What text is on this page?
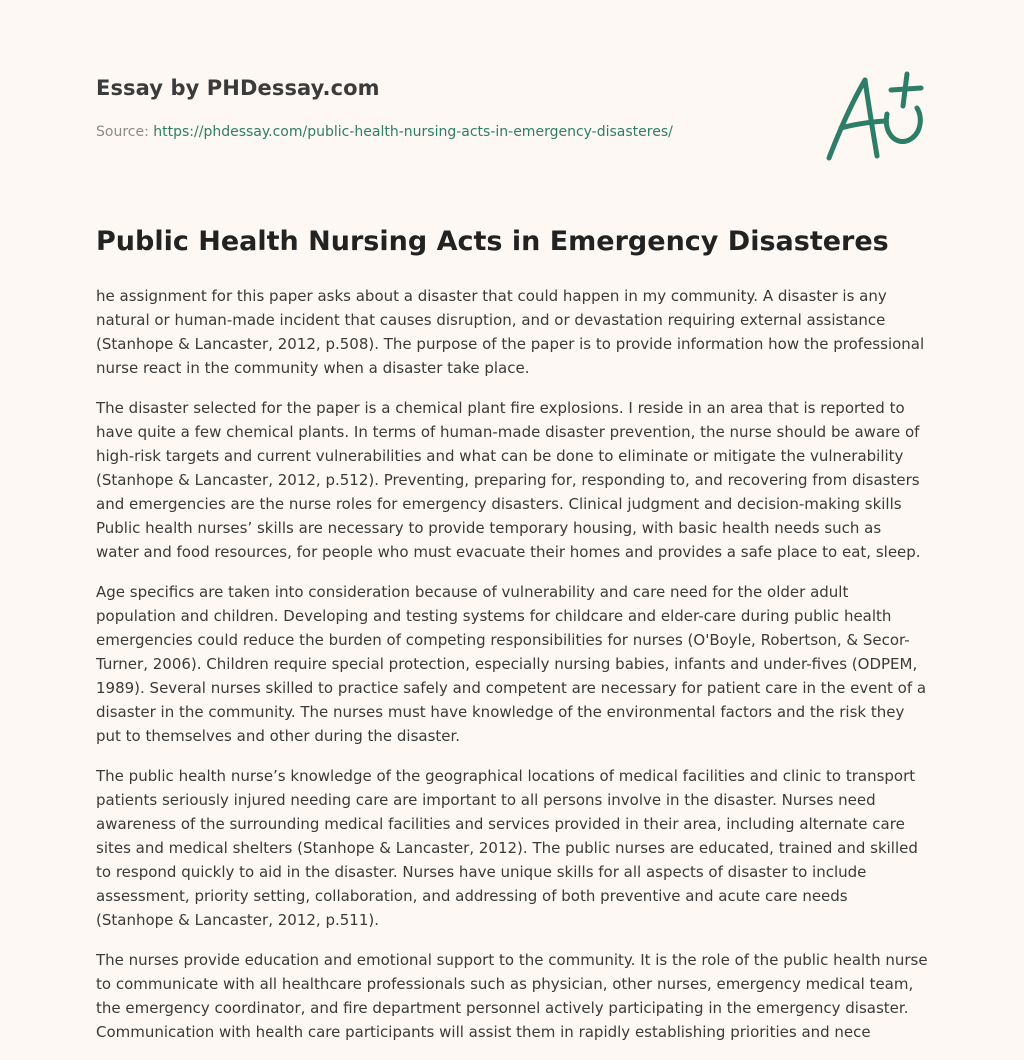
Essay by PHDessay.com
Source: https://phdessay.com/public-health-nursing-acts-in-emergency-disasteres/
Public Health Nursing Acts in Emergency Disasteres

he assignment for this paper asks about a disaster that could happen in my community. A disaster is any natural or human-made incident that causes disruption, and or devastation requiring external assistance (Stanhope & Lancaster, 2012, p.508). The purpose of the paper is to provide information how the professional nurse react in the community when a disaster take place.

The disaster selected for the paper is a chemical plant fire explosions. I reside in an area that is reported to have quite a few chemical plants. In terms of human-made disaster prevention, the nurse should be aware of high-risk targets and current vulnerabilities and what can be done to eliminate or mitigate the vulnerability (Stanhope & Lancaster, 2012, p.512). Preventing, preparing for, responding to, and recovering from disasters and emergencies are the nurse roles for emergency disasters. Clinical judgment and decision-making skills Public health nurses’ skills are necessary to provide temporary housing, with basic health needs such as water and food resources, for people who must evacuate their homes and provides a safe place to eat, sleep.

Age specifics are taken into consideration because of vulnerability and care need for the older adult population and children. Developing and testing systems for childcare and elder-care during public health emergencies could reduce the burden of competing responsibilities for nurses (O'Boyle, Robertson, & Secor-Turner, 2006). Children require special protection, especially nursing babies, infants and under-fives (ODPEM, 1989). Several nurses skilled to practice safely and competent are necessary for patient care in the event of a disaster in the community. The nurses must have knowledge of the environmental factors and the risk they put to themselves and other during the disaster.

The public health nurse’s knowledge of the geographical locations of medical facilities and clinic to transport patients seriously injured needing care are important to all persons involve in the disaster. Nurses need awareness of the surrounding medical facilities and services provided in their area, including alternate care sites and medical shelters (Stanhope & Lancaster, 2012). The public nurses are educated, trained and skilled to respond quickly to aid in the disaster. Nurses have unique skills for all aspects of disaster to include assessment, priority setting, collaboration, and addressing of both preventive and acute care needs (Stanhope & Lancaster, 2012, p.511).

The nurses provide education and emotional support to the community. It is the role of the public health nurse to communicate with all healthcare professionals such as physician, other nurses, emergency medical team, the emergency coordinator, and fire department personnel actively participating in the emergency disaster. Communication with health care participants will assist them in rapidly establishing priorities and nece
